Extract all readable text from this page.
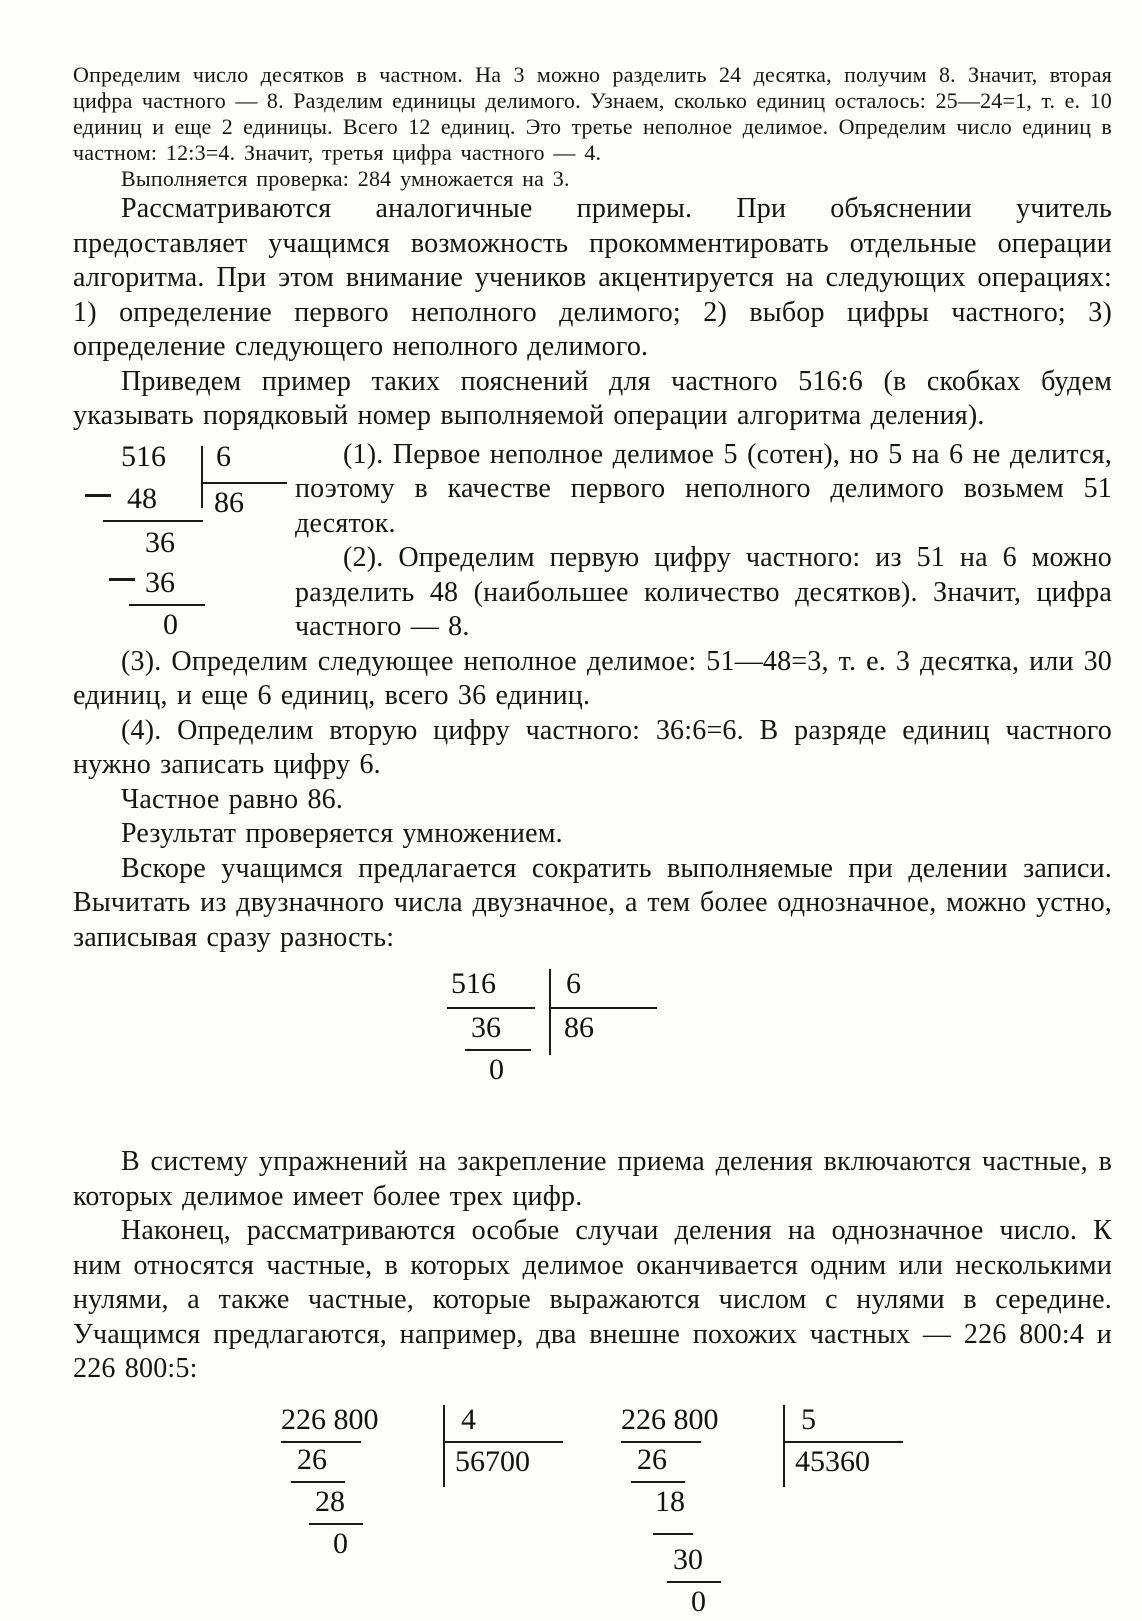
Определим число десятков в частном. На 3 можно разделить 24 десятка, получим 8. Значит, вторая цифра частного — 8. Разделим единицы делимого. Узнаем, сколько единиц осталось: 25—24=1, т. е. 10 единиц и еще 2 единицы. Всего 12 единиц. Это третье неполное делимое. Определим число единиц в частном: 12:3=4. Значит, третья цифра частного — 4.

Выполняется проверка: 284 умножается на 3.

Рассматриваются аналогичные примеры. При объяснении учитель предоставляет учащимся возможность прокомментировать отдельные операции алгоритма. При этом внимание учеников акцентируется на следующих операциях: 1) определение первого неполного делимого; 2) выбор цифры частного; 3) определение следующего неполного делимого.

Приведем пример таких пояснений для частного 516:6 (в скобках будем указывать порядковый номер выполняемой операции алгоритма деления).

516 6
86
48
36
36
0

(1). Первое неполное делимое 5 (сотен), но 5 на 6 не делится, поэтому в качестве первого неполного делимого возьмем 51 десяток.

(2). Определим первую цифру частного: из 51 на 6 можно разделить 48 (наибольшее количество десятков). Значит, цифра частного — 8.

(3). Определим следующее неполное делимое: 51—48=3, т. е. 3 десятка, или 30 единиц, и еще 6 единиц, всего 36 единиц.

(4). Определим вторую цифру частного: 36:6=6. В разряде единиц частного нужно записать цифру 6.

Частное равно 86.

Результат проверяется умножением.

Вскоре учащимся предлагается сократить выполняемые при делении записи. Вычитать из двузначного числа двузначное, а тем более однозначное, можно устно, записывая сразу разность:

516 6
86
36
0

В систему упражнений на закрепление приема деления включаются частные, в которых делимое имеет более трех цифр.

Наконец, рассматриваются особые случаи деления на однозначное число. К ним относятся частные, в которых делимое оканчивается одним или несколькими нулями, а также частные, которые выражаются числом с нулями в середине. Учащимся предлагаются, например, два внешне похожих частных — 226 800:4 и 226 800:5:

226 800	4
56700
26
28
0
226 800	5
45360
26
18
30
0
